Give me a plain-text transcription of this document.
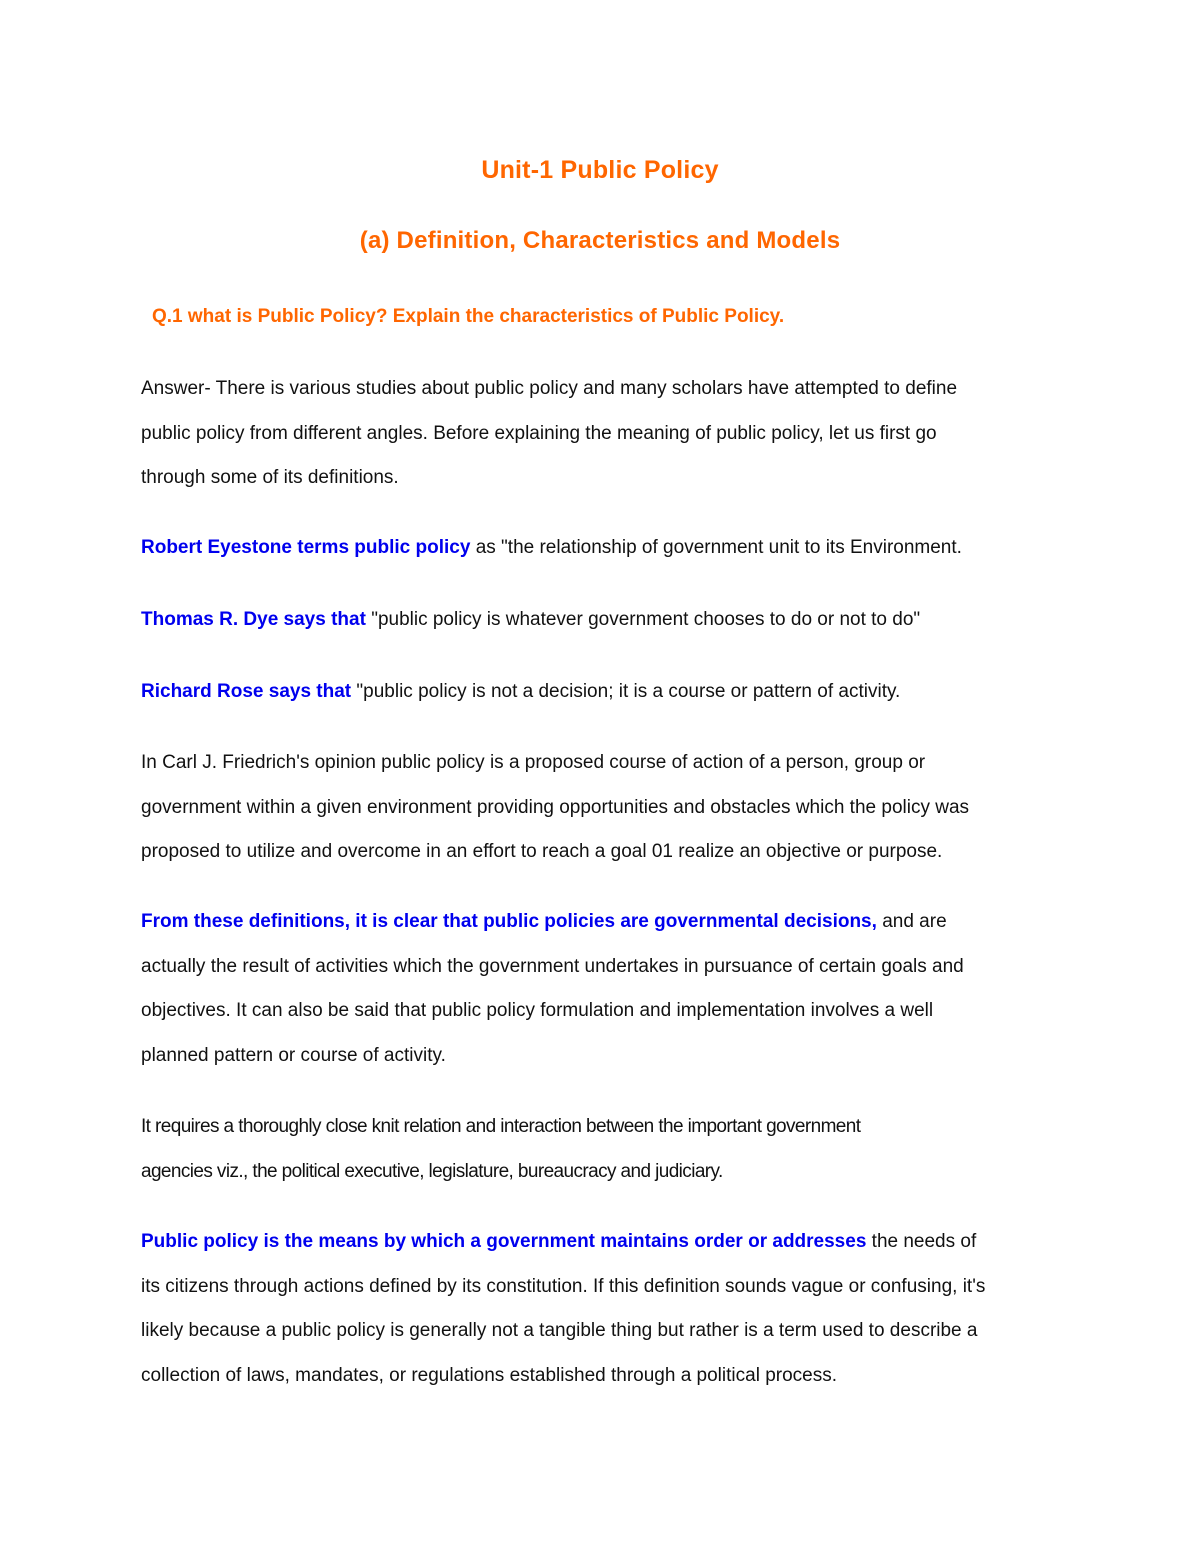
Unit-1 Public Policy
(a) Definition, Characteristics and Models
Q.1 what is Public Policy? Explain the characteristics of Public Policy.
Answer- There is various studies about public policy and many scholars have attempted to define
public policy from different angles. Before explaining the meaning of public policy, let us first go
through some of its definitions.
Robert Eyestone terms public policy as "the relationship of government unit to its Environment.
Thomas R. Dye says that "public policy is whatever government chooses to do or not to do"
Richard Rose says that "public policy is not a decision; it is a course or pattern of activity.
In Carl J. Friedrich's opinion public policy is a proposed course of action of a person, group or
government within a given environment providing opportunities and obstacles which the policy was
proposed to utilize and overcome in an effort to reach a goal 01 realize an objective or purpose.
From these definitions, it is clear that public policies are governmental decisions, and are
actually the result of activities which the government undertakes in pursuance of certain goals and
objectives. It can also be said that public policy formulation and implementation involves a well
planned pattern or course of activity.
It requires a thoroughly close knit relation and interaction between the important government
agencies viz., the political executive, legislature, bureaucracy and judiciary.
Public policy is the means by which a government maintains order or addresses the needs of
its citizens through actions defined by its constitution. If this definition sounds vague or confusing, it's
likely because a public policy is generally not a tangible thing but rather is a term used to describe a
collection of laws, mandates, or regulations established through a political process.
